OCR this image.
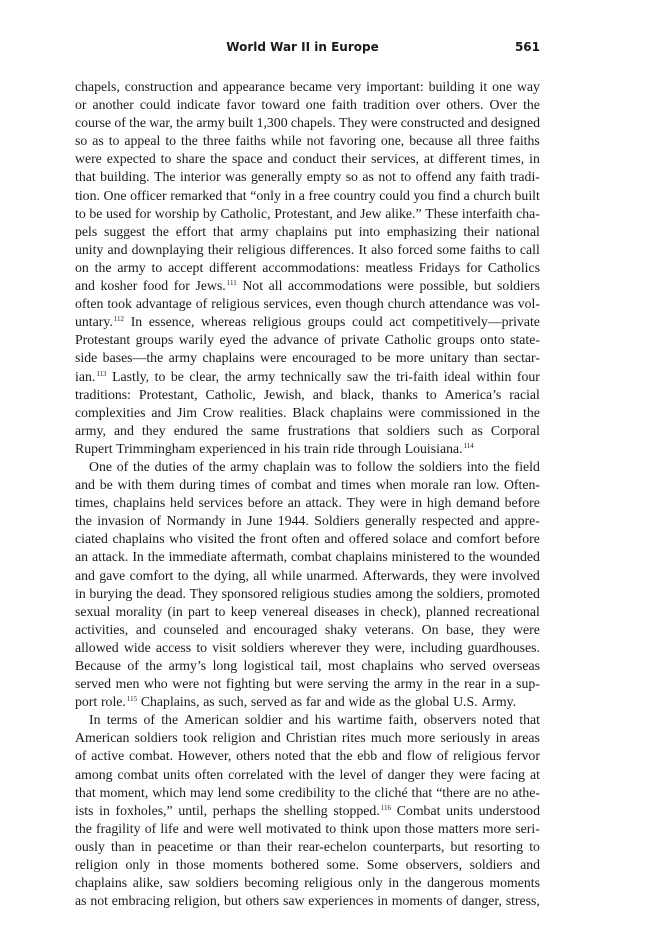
World War II in Europe	561
chapels, construction and appearance became very important: building it one way
or another could indicate favor toward one faith tradition over others. Over the
course of the war, the army built 1,300 chapels. They were constructed and designed
so as to appeal to the three faiths while not favoring one, because all three faiths
were expected to share the space and conduct their services, at different times, in
that building. The interior was generally empty so as not to offend any faith tradi-
tion. One officer remarked that “only in a free country could you find a church built
to be used for worship by Catholic, Protestant, and Jew alike.” These interfaith cha-
pels suggest the effort that army chaplains put into emphasizing their national
unity and downplaying their religious differences. It also forced some faiths to call
on the army to accept different accommodations: meatless Fridays for Catholics
and kosher food for Jews.$^{111}$ Not all accommodations were possible, but soldiers
often took advantage of religious services, even though church attendance was vol-
untary.$^{112}$ In essence, whereas religious groups could act competitively—private
Protestant groups warily eyed the advance of private Catholic groups onto state-
side bases—the army chaplains were encouraged to be more unitary than sectar-
ian.$^{113}$ Lastly, to be clear, the army technically saw the tri-faith ideal within four
traditions: Protestant, Catholic, Jewish, and black, thanks to America’s racial
complexities and Jim Crow realities. Black chaplains were commissioned in the
army, and they endured the same frustrations that soldiers such as Corporal
Rupert Trimmingham experienced in his train ride through Louisiana.$^{114}$
One of the duties of the army chaplain was to follow the soldiers into the field
and be with them during times of combat and times when morale ran low. Often-
times, chaplains held services before an attack. They were in high demand before
the invasion of Normandy in June 1944. Soldiers generally respected and appre-
ciated chaplains who visited the front often and offered solace and comfort before
an attack. In the immediate aftermath, combat chaplains ministered to the wounded
and gave comfort to the dying, all while unarmed. Afterwards, they were involved
in burying the dead. They sponsored religious studies among the soldiers, promoted
sexual morality (in part to keep venereal diseases in check), planned recreational
activities, and counseled and encouraged shaky veterans. On base, they were
allowed wide access to visit soldiers wherever they were, including guardhouses.
Because of the army’s long logistical tail, most chaplains who served overseas
served men who were not fighting but were serving the army in the rear in a sup-
port role.$^{115}$ Chaplains, as such, served as far and wide as the global U.S. Army.
In terms of the American soldier and his wartime faith, observers noted that
American soldiers took religion and Christian rites much more seriously in areas
of active combat. However, others noted that the ebb and flow of religious fervor
among combat units often correlated with the level of danger they were facing at
that moment, which may lend some credibility to the cliché that “there are no athe-
ists in foxholes,” until, perhaps the shelling stopped.$^{116}$ Combat units understood
the fragility of life and were well motivated to think upon those matters more seri-
ously than in peacetime or than their rear-echelon counterparts, but resorting to
religion only in those moments bothered some. Some observers, soldiers and
chaplains alike, saw soldiers becoming religious only in the dangerous moments
as not embracing religion, but others saw experiences in moments of danger, stress,
